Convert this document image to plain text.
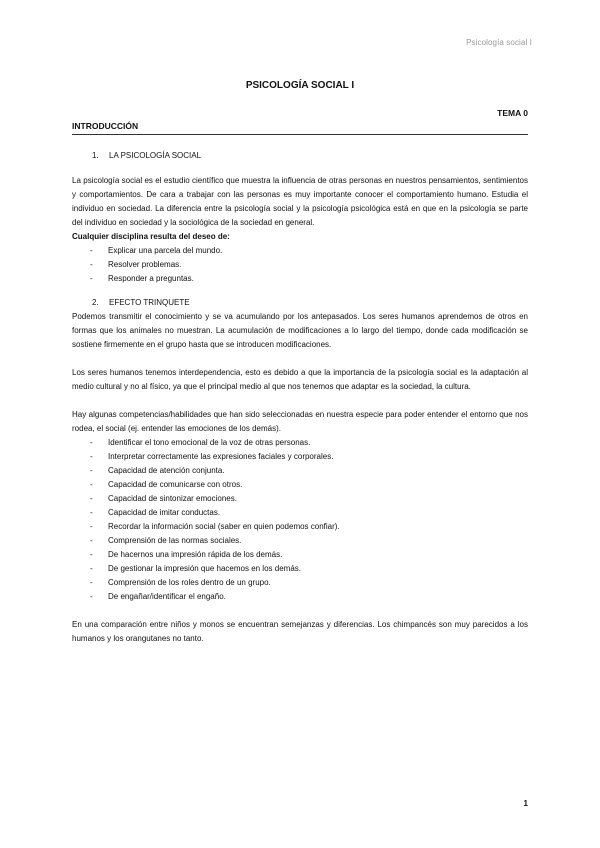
Psicología social I
PSICOLOGÍA SOCIAL I
TEMA 0
INTRODUCCIÓN
1. LA PSICOLOGÍA SOCIAL

La psicología social es el estudio científico que muestra la influencia de otras personas en nuestros pensamientos, sentimientos y comportamientos. De cara a trabajar con las personas es muy importante conocer el comportamiento humano. Estudia el individuo en sociedad. La diferencia entre la psicología social y la psicología psicológica está en que en la psicología se parte del individuo en sociedad y la sociológica de la sociedad en general.

Cualquier disciplina resulta del deseo de:
- Explicar una parcela del mundo.
- Resolver problemas.
- Responder a preguntas.
2. EFECTO TRINQUETE

Podemos transmitir el conocimiento y se va acumulando por los antepasados. Los seres humanos aprendemos de otros en formas que los animales no muestran. La acumulación de modificaciones a lo largo del tiempo, donde cada modificación se sostiene firmemente en el grupo hasta que se introducen modificaciones.

Los seres humanos tenemos interdependencia, esto es debido a que la importancia de la psicología social es la adaptación al medio cultural y no al físico, ya que el principal medio al que nos tenemos que adaptar es la sociedad, la cultura.

Hay algunas competencias/habilidades que han sido seleccionadas en nuestra especie para poder entender el entorno que nos rodea, el social (ej. entender las emociones de los demás).

- Identificar el tono emocional de la voz de otras personas.
- Interpretar correctamente las expresiones faciales y corporales.
- Capacidad de atención conjunta.
- Capacidad de comunicarse con otros.
- Capacidad de sintonizar emociones.
- Capacidad de imitar conductas.
- Recordar la información social (saber en quien podemos confiar).
- Comprensión de las normas sociales.
- De hacernos una impresión rápida de los demás.
- De gestionar la impresión que hacemos en los demás.
- Comprensión de los roles dentro de un grupo.
- De engañar/identificar el engaño.

En una comparación entre niños y monos se encuentran semejanzas y diferencias. Los chimpancés son muy parecidos a los humanos y los orangutanes no tanto.

1
